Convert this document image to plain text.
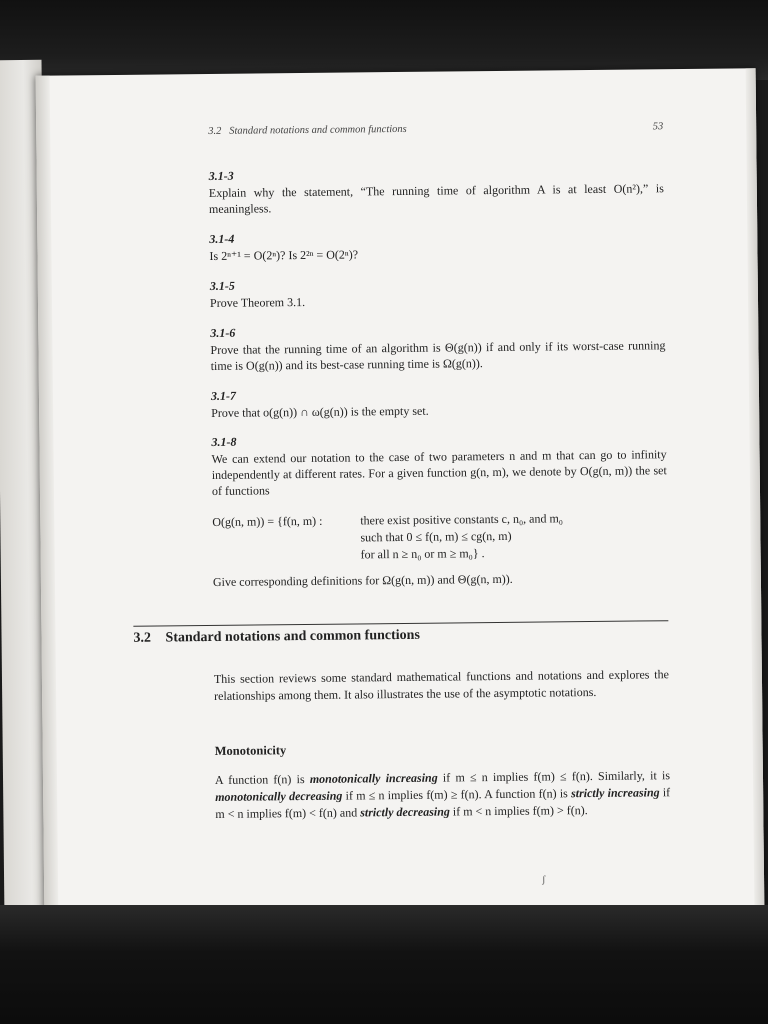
3.2 Standard notations and common functions	53
3.1-3
Explain why the statement, “The running time of algorithm A is at least O(n²),” is meaningless.
3.1-4
Is 2ⁿ⁺¹ = O(2ⁿ)? Is 2²ⁿ = O(2ⁿ)?
3.1-5
Prove Theorem 3.1.
3.1-6
Prove that the running time of an algorithm is Θ(g(n)) if and only if its worst-case running time is O(g(n)) and its best-case running time is Ω(g(n)).
3.1-7
Prove that o(g(n)) ∩ ω(g(n)) is the empty set.
3.1-8
We can extend our notation to the case of two parameters n and m that can go to infinity independently at different rates. For a given function g(n, m), we denote by O(g(n, m)) the set of functions
O(g(n, m)) = {f(n, m) :	there exist positive constants c, n₀, and m₀
such that 0 ≤ f(n, m) ≤ cg(n, m)
for all n ≥ n₀ or m ≥ m₀} .
Give corresponding definitions for Ω(g(n, m)) and Θ(g(n, m)).
3.2 Standard notations and common functions
This section reviews some standard mathematical functions and notations and explores the relationships among them. It also illustrates the use of the asymptotic notations.
Monotonicity
A function f(n) is monotonically increasing if m ≤ n implies f(m) ≤ f(n). Similarly, it is monotonically decreasing if m ≤ n implies f(m) ≥ f(n). A function f(n) is strictly increasing if m < n implies f(m) < f(n) and strictly decreasing if m < n implies f(m) > f(n).
ʃ
